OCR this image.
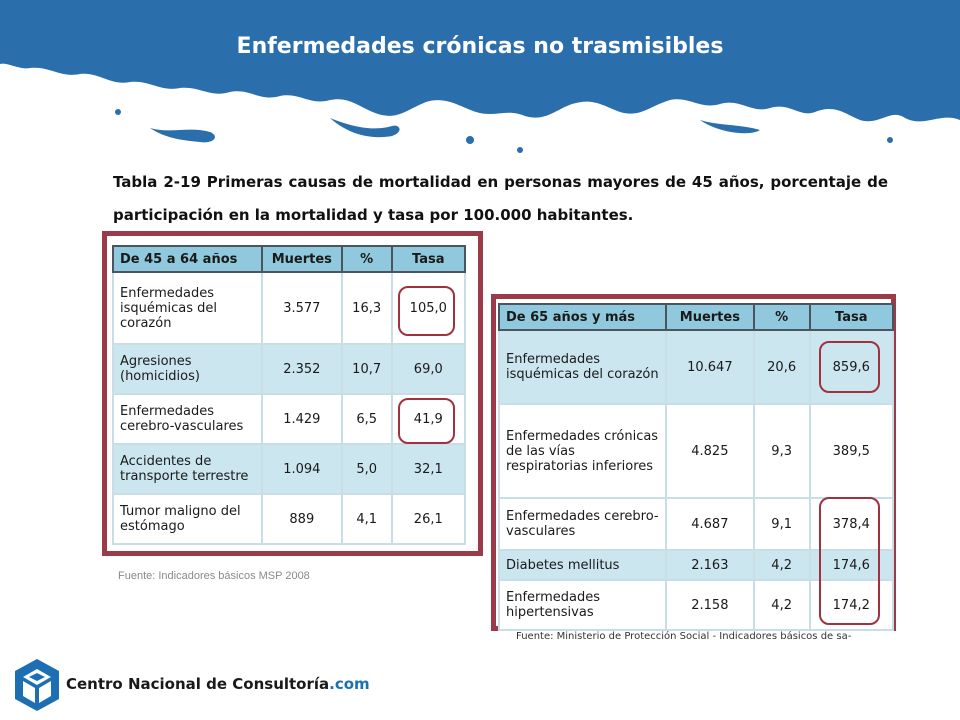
Enfermedades crónicas no trasmisibles
Tabla 2-19 Primeras causas de mortalidad en personas mayores de 45 años, porcentaje de participación en la mortalidad y tasa por 100.000 habitantes.
De 45 a 64 años	Muertes	%	Tasa
Enfermedades isquémicas del corazón	3.577	16,3	105,0
Agresiones (homicidios)	2.352	10,7	69,0
Enfermedades cerebro-vasculares	1.429	6,5	41,9
Accidentes de transporte terrestre	1.094	5,0	32,1
Tumor maligno del estómago	889	4,1	26,1
Fuente: Indicadores básicos MSP 2008
De 65 años y más	Muertes	%	Tasa
Enfermedades isquémicas del corazón	10.647	20,6	859,6
Enfermedades crónicas de las vías respiratorias inferiores	4.825	9,3	389,5
Enfermedades cerebro-vasculares	4.687	9,1	378,4
Diabetes mellitus	2.163	4,2	174,6
Enfermedades hipertensivas	2.158	4,2	174,2
Fuente: Ministerio de Protección Social - Indicadores básicos de sa-
Centro Nacional de Consultoría.com
